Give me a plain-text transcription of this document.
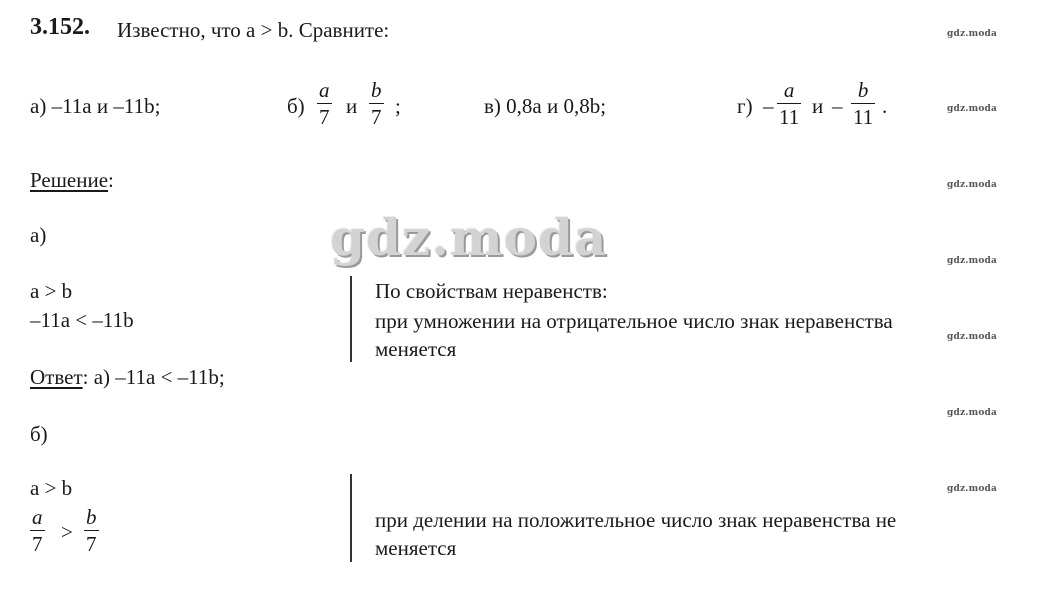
3.152. Известно, что a > b. Сравните:
а) –11a и –11b;	б)
a
7 и
b
7 ;	в) 0,8a и 0,8b;	г) –
a
11 и –
b
11 .
Решение:
а)
a > b
–11a < –11b
По свойствам неравенств:
при умножении на отрицательное число знак неравенства
меняется
Ответ: а) –11a < –11b;
б)
a > b
a
7 >
b
7
при делении на положительное число знак неравенства не
меняется
gdz.moda
gdz.moda
gdz.moda
gdz.moda
gdz.moda
gdz.moda
gdz.moda
gdz.moda
